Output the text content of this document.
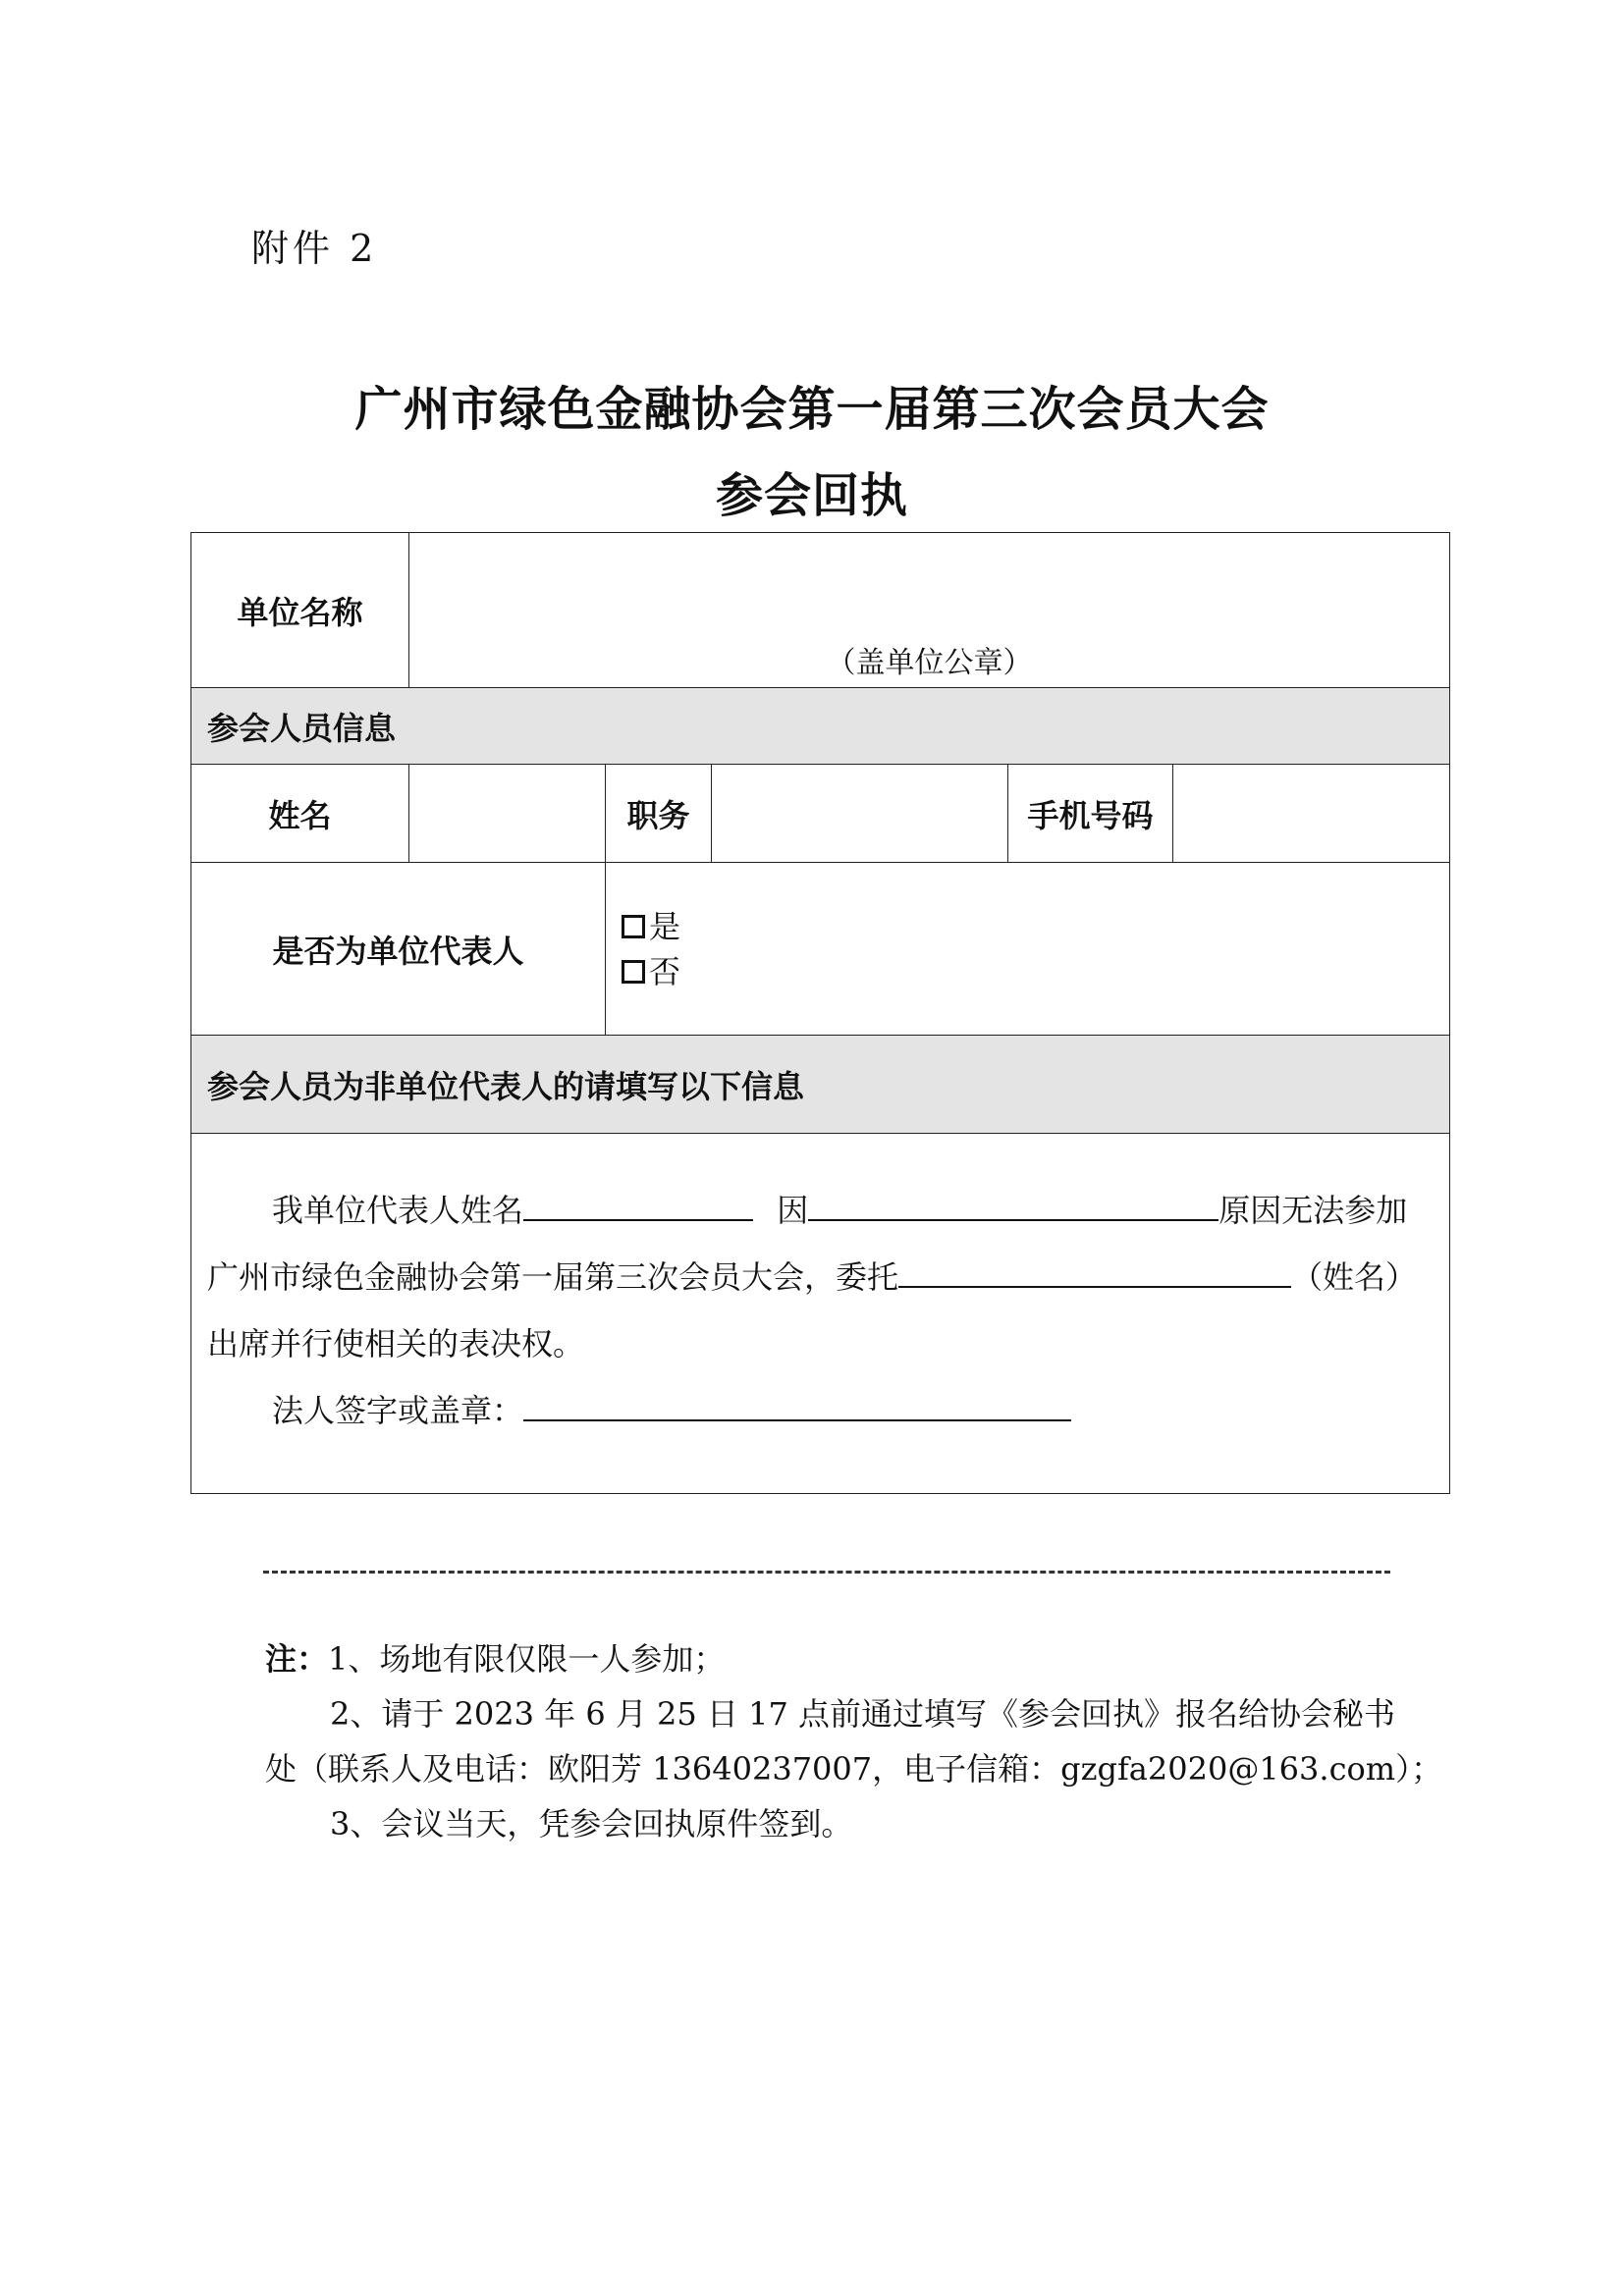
附件 2
广州市绿色金融协会第一届第三次会员大会
参会回执
单位名称	（盖单位公章）				

参会人员信息					
姓名		职务		手机号码	
是否为单位代表人		是
否			

参会人员为非单位代表人的请填写以下信息					

我单位代表人姓名 因 原因无法参加
广州市绿色金融协会第一届第三次会员大会，委托 （姓名）
出席并行使相关的表决权。
法人签字或盖章：					
注：1、场地有限仅限一人参加；
2、请于 2023 年 6 月 25 日 17 点前通过填写《参会回执》报名给协会秘书
处（联系人及电话：欧阳芳 13640237007，电子信箱：gzgfa2020@163.com）；
3、会议当天，凭参会回执原件签到。
